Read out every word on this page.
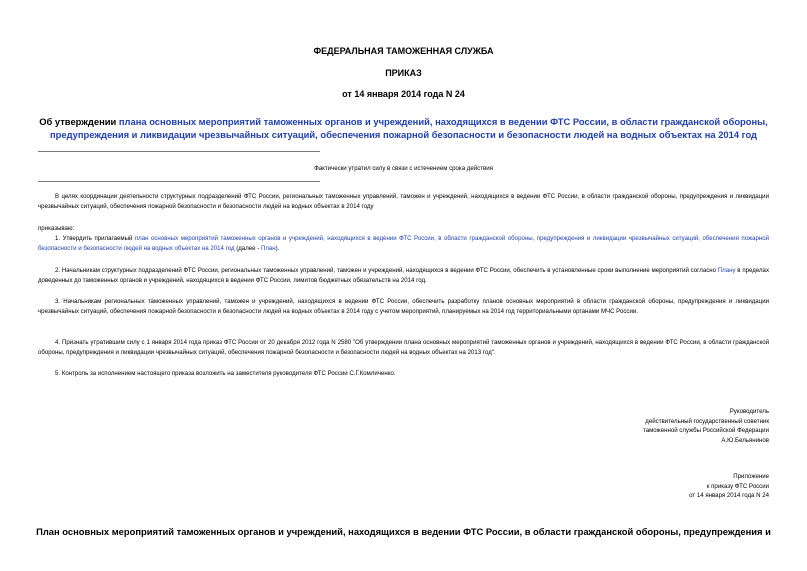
ФЕДЕРАЛЬНАЯ ТАМОЖЕННАЯ СЛУЖБА
ПРИКАЗ
от 14 января 2014 года N 24
Об утверждении плана основных мероприятий таможенных органов и учреждений, находящихся в ведении ФТС России, в области гражданской обороны,
предупреждения и ликвидации чрезвычайных ситуаций, обеспечения пожарной безопасности и безопасности людей на водных объектах на 2014 год
Фактически утратил силу в связи с истечением срока действия
В целях координации деятельности структурных подразделений ФТС России, региональных таможенных управлений, таможен и учреждений, находящихся в ведении ФТС России, в области гражданской обороны, предупреждения и ликвидации чрезвычайных ситуаций, обеспечения пожарной безопасности и безопасности людей на водных объектах в 2014 году
приказываю:
1. Утвердить прилагаемый план основных мероприятий таможенных органов и учреждений, находящихся в ведении ФТС России, в области гражданской обороны, предупреждения и ликвидации чрезвычайных ситуаций, обеспечения пожарной безопасности и безопасности людей на водных объектах на 2014 год (далее - План).
2. Начальникам структурных подразделений ФТС России, региональных таможенных управлений, таможен и учреждений, находящихся в ведении ФТС России, обеспечить в установленные сроки выполнение мероприятий согласно Плану в пределах доведенных до таможенных органов и учреждений, находящихся в ведении ФТС России, лимитов бюджетных обязательств на 2014 год.
3. Начальникам региональных таможенных управлений, таможен и учреждений, находящихся в ведении ФТС России, обеспечить разработку планов основных мероприятий в области гражданской обороны, предупреждения и ликвидации чрезвычайных ситуаций, обеспечения пожарной безопасности и безопасности людей на водных объектах в 2014 году с учетом мероприятий, планируемых на 2014 год территориальными органами МЧС России.
4. Признать утратившим силу с 1 января 2014 года приказ ФТС России от 20 декабря 2012 года N 2580 "Об утверждении плана основных мероприятий таможенных органов и учреждений, находящихся в ведении ФТС России, в области гражданской обороны, предупреждения и ликвидации чрезвычайных ситуаций, обеспечения пожарной безопасности и безопасности людей на водных объектах на 2013 год".
5. Контроль за исполнением настоящего приказа возложить на заместителя руководителя ФТС России С.Г.Комличенко.
Руководитель
действительный государственный советник
таможенной службы Российской Федерации
А.Ю.Бельянинов
Приложение
к приказу ФТС России
от 14 января 2014 года N 24
План основных мероприятий таможенных органов и учреждений, находящихся в ведении ФТС России, в области гражданской обороны, предупреждения и
